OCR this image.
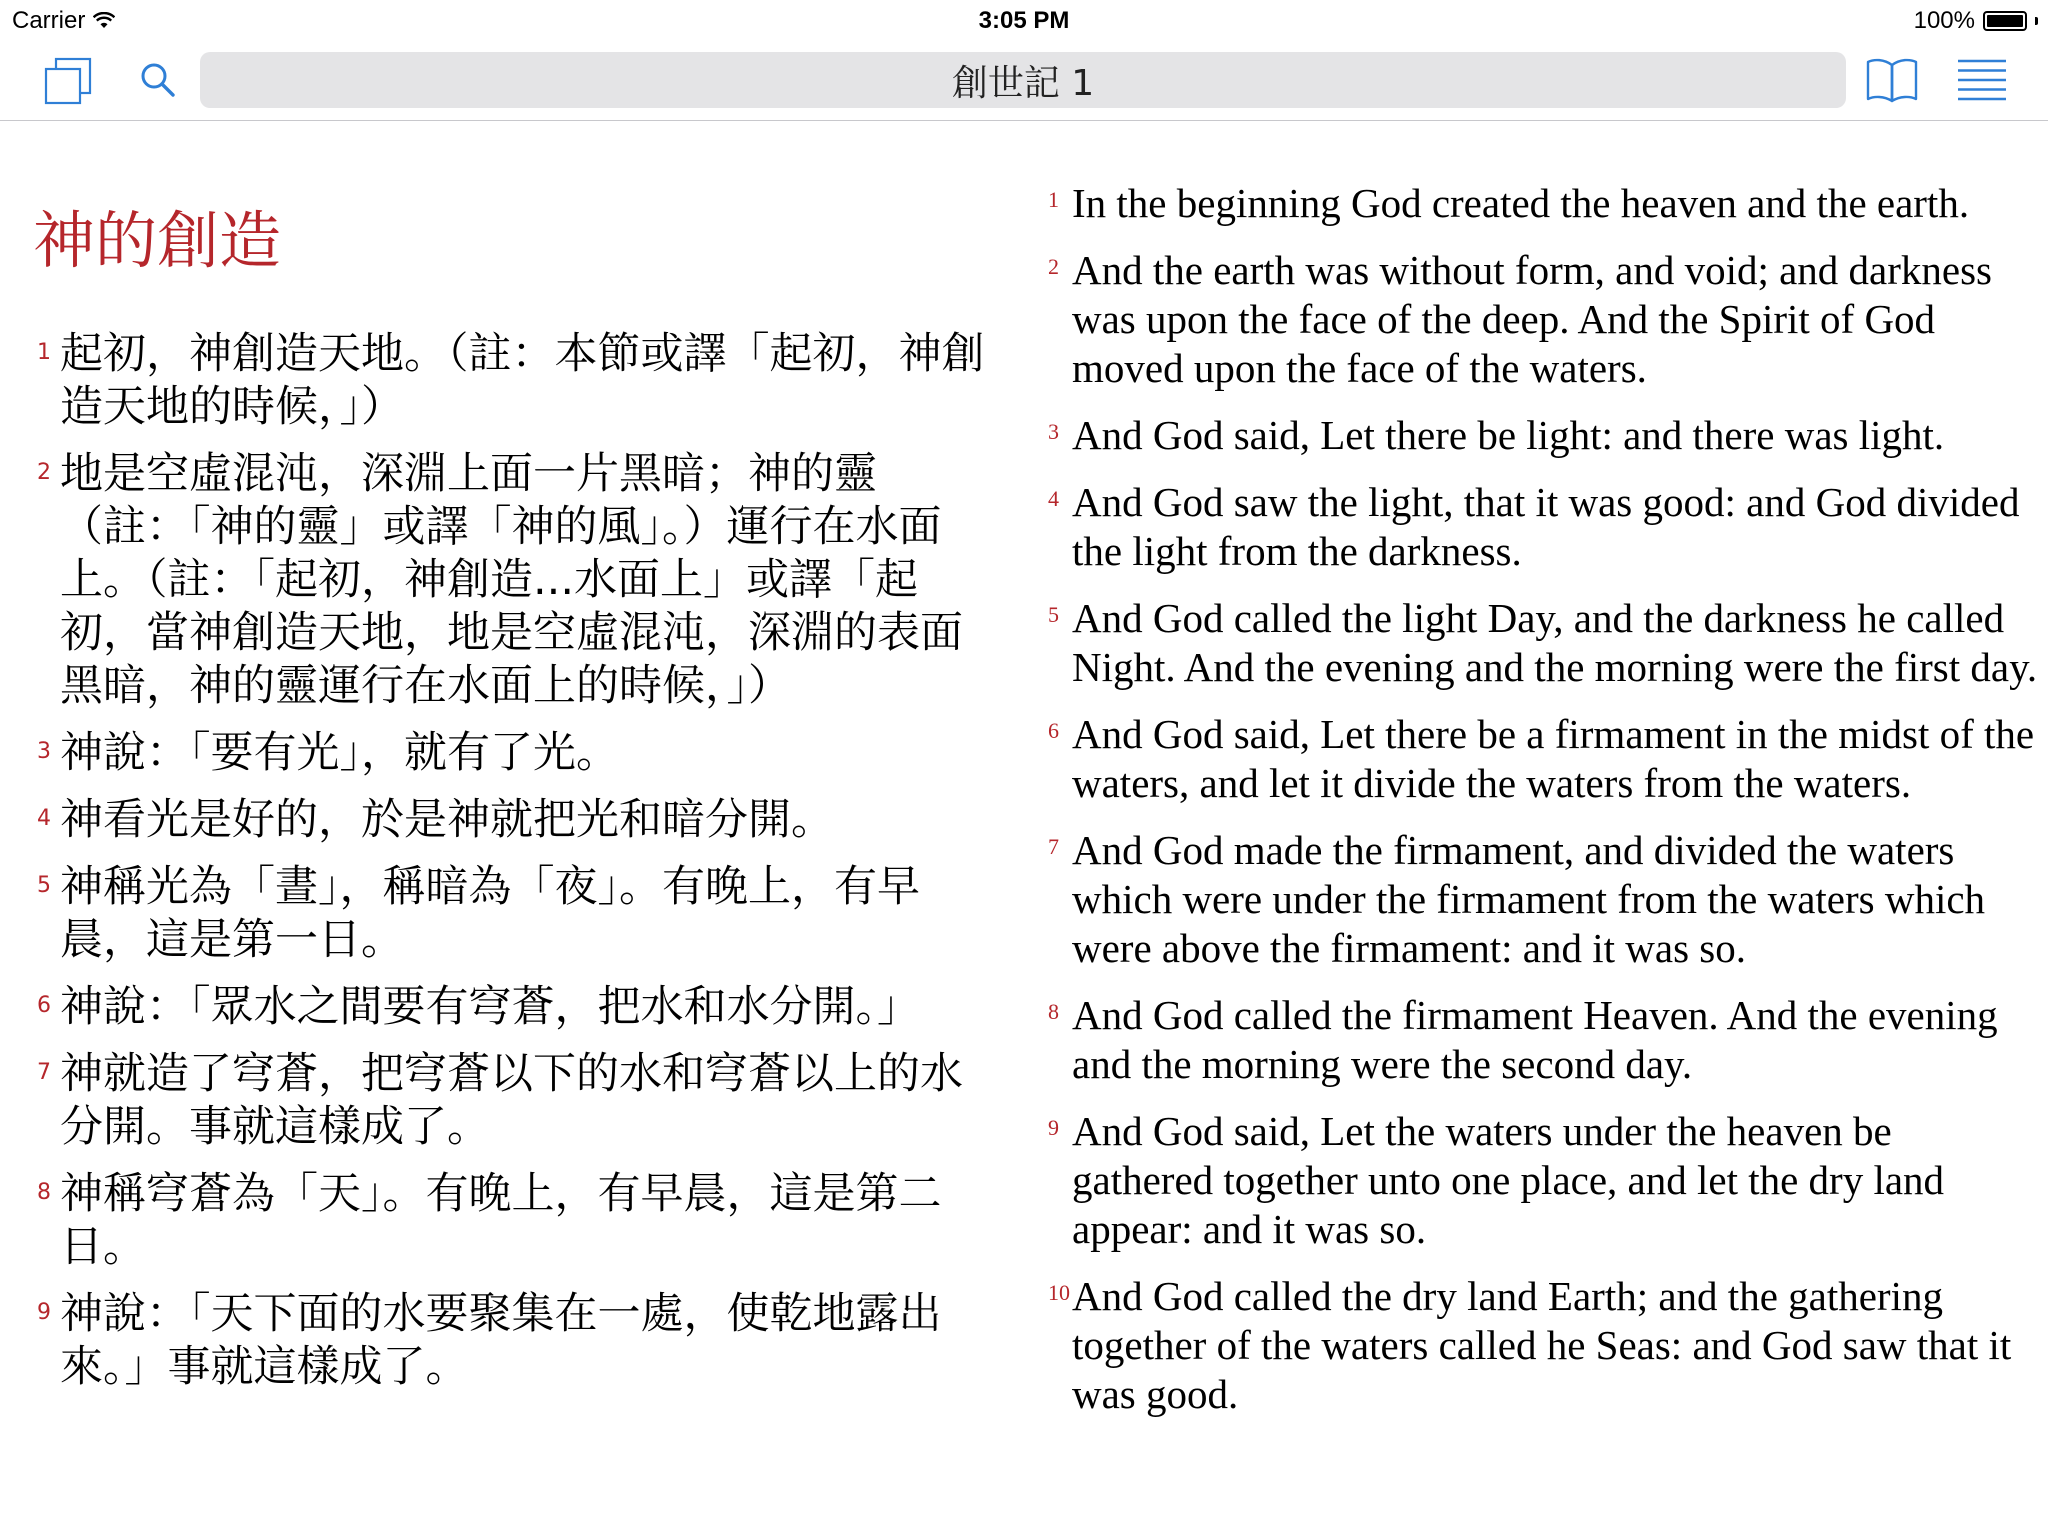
Carrier	3:05 PM	100%
創世記 1
神的創造
1 起初，神創造天地。（註：本節或譯「起初，神創造天地的時候，」）
2 地是空虛混沌，深淵上面一片黑暗；神的靈（註：「神的靈」或譯「神的風」。）運行在水面上。（註：「起初，神創造...水面上」或譯「起初，當神創造天地，地是空虛混沌，深淵的表面黑暗，神的靈運行在水面上的時候，」）
3 神說：「要有光」，就有了光。
4 神看光是好的，於是神就把光和暗分開。
5 神稱光為「晝」，稱暗為「夜」。有晚上，有早晨，這是第一日。
6 神說：「眾水之間要有穹蒼，把水和水分開。」
7 神就造了穹蒼，把穹蒼以下的水和穹蒼以上的水分開。事就這樣成了。
8 神稱穹蒼為「天」。有晚上，有早晨，這是第二日。
9 神說：「天下面的水要聚集在一處，使乾地露出來。」事就這樣成了。
1 In the beginning God created the heaven and the earth.
2 And the earth was without form, and void; and darkness was upon the face of the deep. And the Spirit of God moved upon the face of the waters.
3 And God said, Let there be light: and there was light.
4 And God saw the light, that it was good: and God divided the light from the darkness.
5 And God called the light Day, and the darkness he called Night. And the evening and the morning were the first day.
6 And God said, Let there be a firmament in the midst of the waters, and let it divide the waters from the waters.
7 And God made the firmament, and divided the waters which were under the firmament from the waters which were above the firmament: and it was so.
8 And God called the firmament Heaven. And the evening and the morning were the second day.
9 And God said, Let the waters under the heaven be gathered together unto one place, and let the dry land appear: and it was so.
10 And God called the dry land Earth; and the gathering together of the waters called he Seas: and God saw that it was good.
